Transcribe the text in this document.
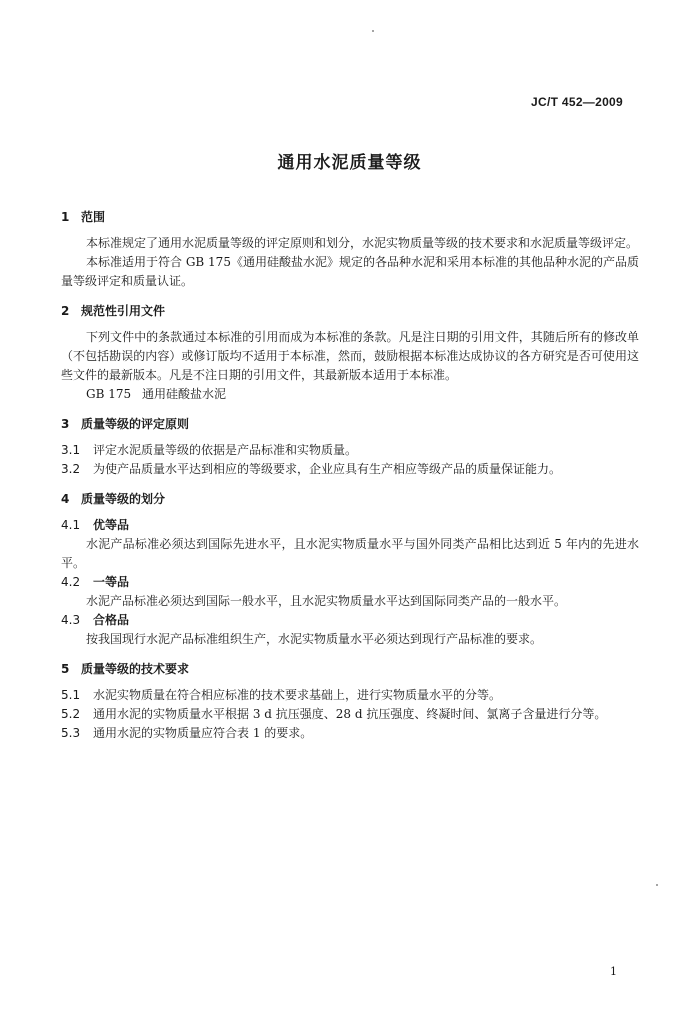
JC/T 452—2009
通用水泥质量等级
1 范围

本标准规定了通用水泥质量等级的评定原则和划分，水泥实物质量等级的技术要求和水泥质量等级评定。

本标准适用于符合 GB 175《通用硅酸盐水泥》规定的各品种水泥和采用本标准的其他品种水泥的产品质量等级评定和质量认证。

2 规范性引用文件

下列文件中的条款通过本标准的引用而成为本标准的条款。凡是注日期的引用文件，其随后所有的修改单（不包括勘误的内容）或修订版均不适用于本标准，然而，鼓励根据本标准达成协议的各方研究是否可使用这些文件的最新版本。凡是不注日期的引用文件，其最新版本适用于本标准。

GB 175 通用硅酸盐水泥
3 质量等级的评定原则
3.1	评定水泥质量等级的依据是产品标准和实物质量。
3.2	为使产品质量水平达到相应的等级要求，企业应具有生产相应等级产品的质量保证能力。
4 质量等级的划分
4.1	优等品

水泥产品标准必须达到国际先进水平，且水泥实物质量水平与国外同类产品相比达到近 5 年内的先进水平。

4.2	一等品

水泥产品标准必须达到国际一般水平，且水泥实物质量水平达到国际同类产品的一般水平。

4.3	合格品

按我国现行水泥产品标准组织生产，水泥实物质量水平必须达到现行产品标准的要求。

5 质量等级的技术要求
5.1	水泥实物质量在符合相应标准的技术要求基础上，进行实物质量水平的分等。
5.2	通用水泥的实物质量水平根据 3 d 抗压强度、28 d 抗压强度、终凝时间、氯离子含量进行分等。
5.3	通用水泥的实物质量应符合表 1 的要求。
1
